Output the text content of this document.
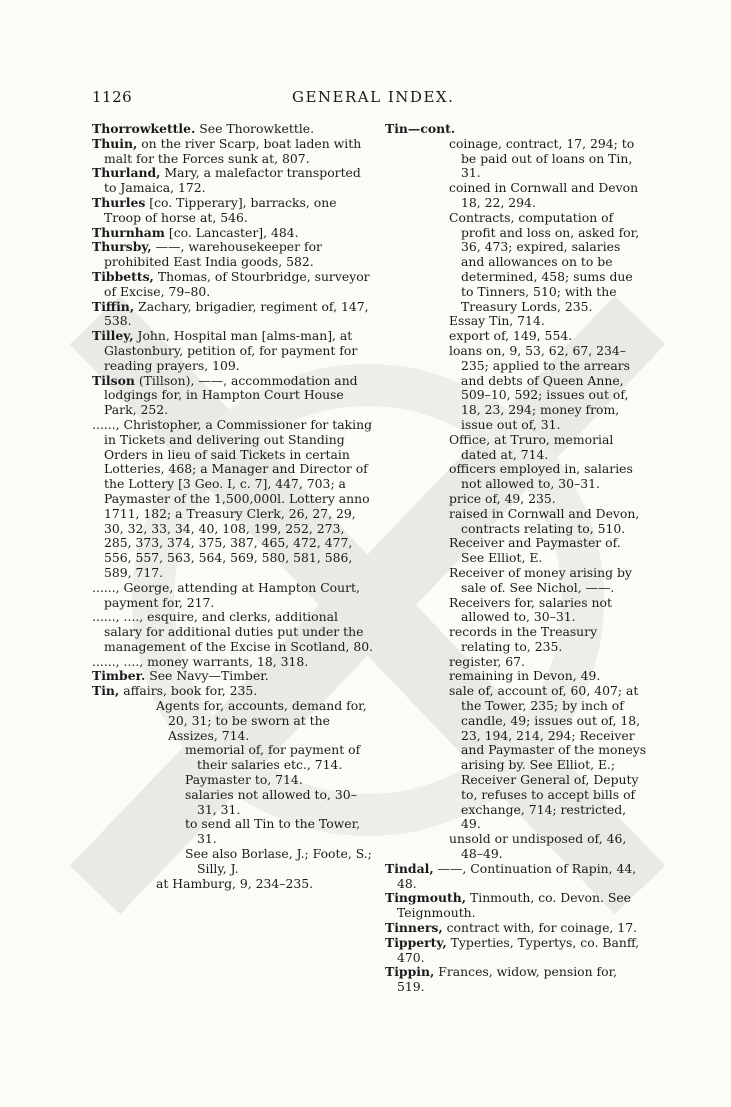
1126	GENERAL INDEX.

Thorrowkettle. See Thorowkettle.

Thuin, on the river Scarp, boat laden with malt for the Forces sunk at, 807.

Thurland, Mary, a malefactor transported to Jamaica, 172.

Thurles [co. Tipperary], barracks, one Troop of horse at, 546.

Thurnham [co. Lancaster], 484.

Thursby, ——, warehousekeeper for prohibited East India goods, 582.

Tibbetts, Thomas, of Stourbridge, surveyor of Excise, 79–80.

Tiffin, Zachary, brigadier, regiment of, 147, 538.

Tilley, John, Hospital man [alms-man], at Glastonbury, petition of, for payment for reading prayers, 109.

Tilson (Tillson), ——, accommodation and lodgings for, in Hampton Court House Park, 252.

......, Christopher, a Commissioner for taking in Tickets and delivering out Standing Orders in lieu of said Tickets in certain Lotteries, 468; a Manager and Director of the Lottery [3 Geo. I, c. 7], 447, 703; a Paymaster of the 1,500,000l. Lottery anno 1711, 182; a Treasury Clerk, 26, 27, 29, 30, 32, 33, 34, 40, 108, 199, 252, 273, 285, 373, 374, 375, 387, 465, 472, 477, 556, 557, 563, 564, 569, 580, 581, 586, 589, 717.

......, George, attending at Hampton Court, payment for, 217.

......, ...., esquire, and clerks, additional salary for additional duties put under the management of the Excise in Scotland, 80.

......, ...., money warrants, 18, 318.

Timber. See Navy—Timber.

Tin, affairs, book for, 235.

Agents for, accounts, demand for, 20, 31; to be sworn at the Assizes, 714.

memorial of, for payment of their salaries etc., 714.

Paymaster to, 714.

salaries not allowed to, 30–31, 31.

to send all Tin to the Tower, 31.

See also Borlase, J.; Foote, S.; Silly, J.

at Hamburg, 9, 234–235.

Tin—cont.

coinage, contract, 17, 294; to be paid out of loans on Tin, 31.

coined in Cornwall and Devon 18, 22, 294.

Contracts, computation of profit and loss on, asked for, 36, 473; expired, salaries and allowances on to be determined, 458; sums due to Tinners, 510; with the Treasury Lords, 235.

Essay Tin, 714.

export of, 149, 554.

loans on, 9, 53, 62, 67, 234–235; applied to the arrears and debts of Queen Anne, 509–10, 592; issues out of, 18, 23, 294; money from, issue out of, 31.

Office, at Truro, memorial dated at, 714.

officers employed in, salaries not allowed to, 30–31.

price of, 49, 235.

raised in Cornwall and Devon, contracts relating to, 510.

Receiver and Paymaster of. See Elliot, E.

Receiver of money arising by sale of. See Nichol, ——.

Receivers for, salaries not allowed to, 30–31.

records in the Treasury relating to, 235.

register, 67.

remaining in Devon, 49.

sale of, account of, 60, 407; at the Tower, 235; by inch of candle, 49; issues out of, 18, 23, 194, 214, 294; Receiver and Paymaster of the moneys arising by. See Elliot, E.; Receiver General of, Deputy to, refuses to accept bills of exchange, 714; restricted, 49.

unsold or undisposed of, 46, 48–49.

Tindal, ——, Continuation of Rapin, 44, 48.

Tingmouth, Tinmouth, co. Devon. See Teignmouth.

Tinners, contract with, for coinage, 17.

Tipperty, Typerties, Typertys, co. Banff, 470.

Tippin, Frances, widow, pension for, 519.
